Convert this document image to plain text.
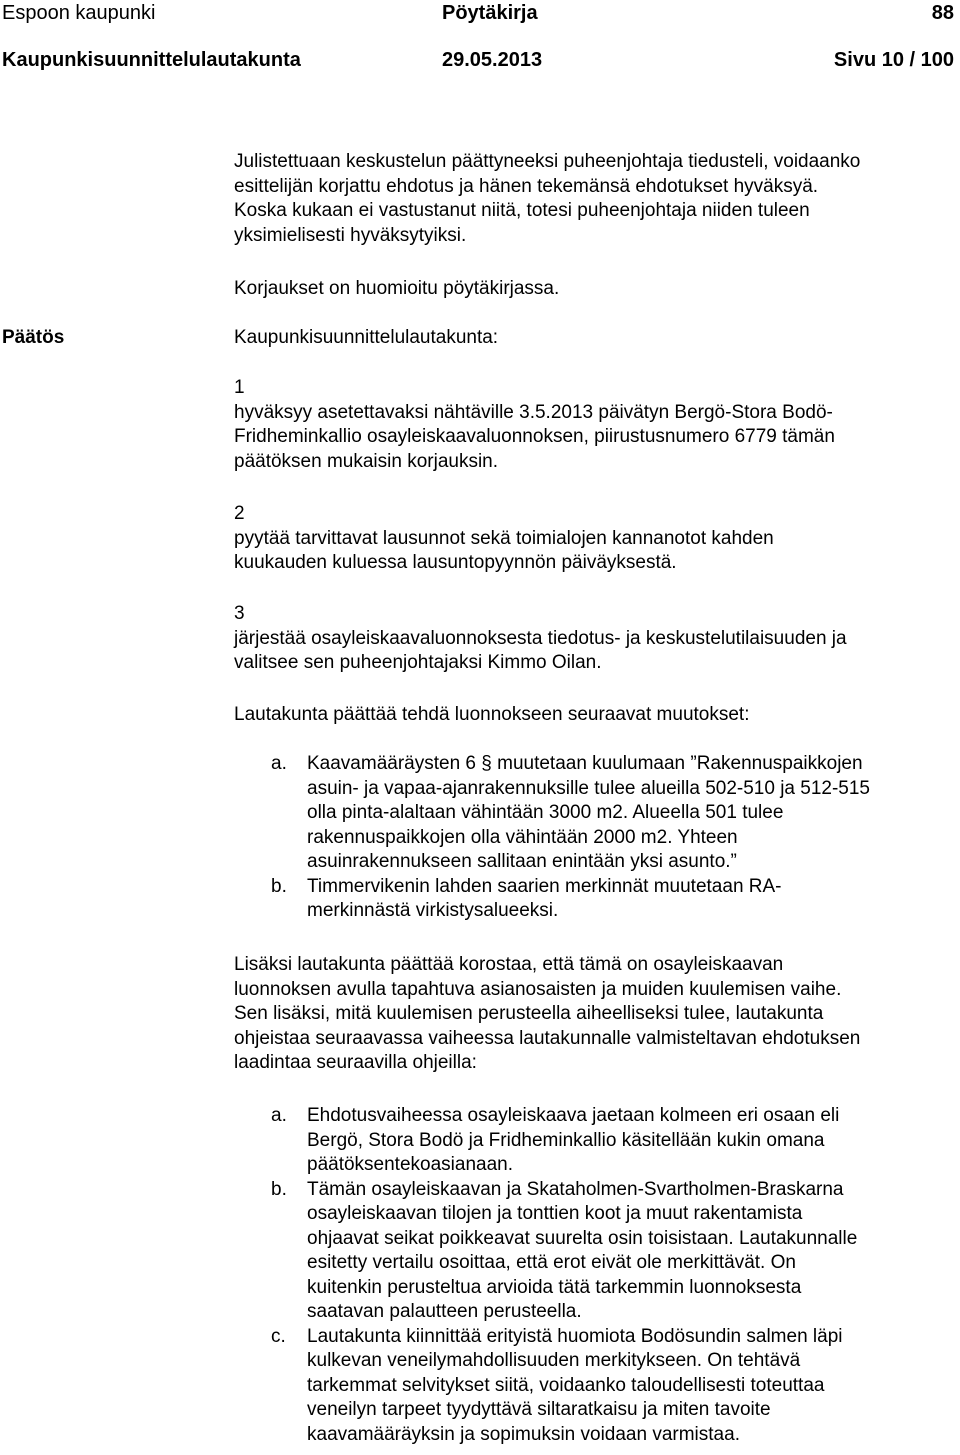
Espoon kaupunki	Pöytäkirja	88
Kaupunkisuunnittelulautakunta	29.05.2013	Sivu 10 / 100
Julistettuaan keskustelun päättyneeksi puheenjohtaja tiedusteli, voidaanko
esittelijän korjattu ehdotus ja hänen tekemänsä ehdotukset hyväksyä.
Koska kukaan ei vastustanut niitä, totesi puheenjohtaja niiden tuleen
yksimielisesti hyväksytyiksi.
Korjaukset on huomioitu pöytäkirjassa.
Päätös	Kaupunkisuunnittelulautakunta:
1
hyväksyy asetettavaksi nähtäville 3.5.2013 päivätyn Bergö-Stora Bodö-
Fridheminkallio osayleiskaavaluonnoksen, piirustusnumero 6779 tämän
päätöksen mukaisin korjauksin.
2
pyytää tarvittavat lausunnot sekä toimialojen kannanotot kahden
kuukauden kuluessa lausuntopyynnön päiväyksestä.
3
järjestää osayleiskaavaluonnoksesta tiedotus- ja keskustelutilaisuuden ja
valitsee sen puheenjohtajaksi Kimmo Oilan.
Lautakunta päättää tehdä luonnokseen seuraavat muutokset:
a. Kaavamääräysten 6 § muutetaan kuulumaan ”Rakennuspaikkojen
asuin- ja vapaa-ajanrakennuksille tulee alueilla 502-510 ja 512-515
olla pinta-alaltaan vähintään 3000 m2. Alueella 501 tulee
rakennuspaikkojen olla vähintään 2000 m2. Yhteen
asuinrakennukseen sallitaan enintään yksi asunto.”
b. Timmervikenin lahden saarien merkinnät muutetaan RA-
merkinnästä virkistysalueeksi.
Lisäksi lautakunta päättää korostaa, että tämä on osayleiskaavan
luonnoksen avulla tapahtuva asianosaisten ja muiden kuulemisen vaihe.
Sen lisäksi, mitä kuulemisen perusteella aiheelliseksi tulee, lautakunta
ohjeistaa seuraavassa vaiheessa lautakunnalle valmisteltavan ehdotuksen
laadintaa seuraavilla ohjeilla:
a. Ehdotusvaiheessa osayleiskaava jaetaan kolmeen eri osaan eli
Bergö, Stora Bodö ja Fridheminkallio käsitellään kukin omana
päätöksentekoasianaan.
b. Tämän osayleiskaavan ja Skataholmen-Svartholmen-Braskarna
osayleiskaavan tilojen ja tonttien koot ja muut rakentamista
ohjaavat seikat poikkeavat suurelta osin toisistaan. Lautakunnalle
esitetty vertailu osoittaa, että erot eivät ole merkittävät. On
kuitenkin perusteltua arvioida tätä tarkemmin luonnoksesta
saatavan palautteen perusteella.
c. Lautakunta kiinnittää erityistä huomiota Bodösundin salmen läpi
kulkevan veneilymahdollisuuden merkitykseen. On tehtävä
tarkemmat selvitykset siitä, voidaanko taloudellisesti toteuttaa
veneilyn tarpeet tyydyttävä siltaratkaisu ja miten tavoite
kaavamääräyksin ja sopimuksin voidaan varmistaa.
